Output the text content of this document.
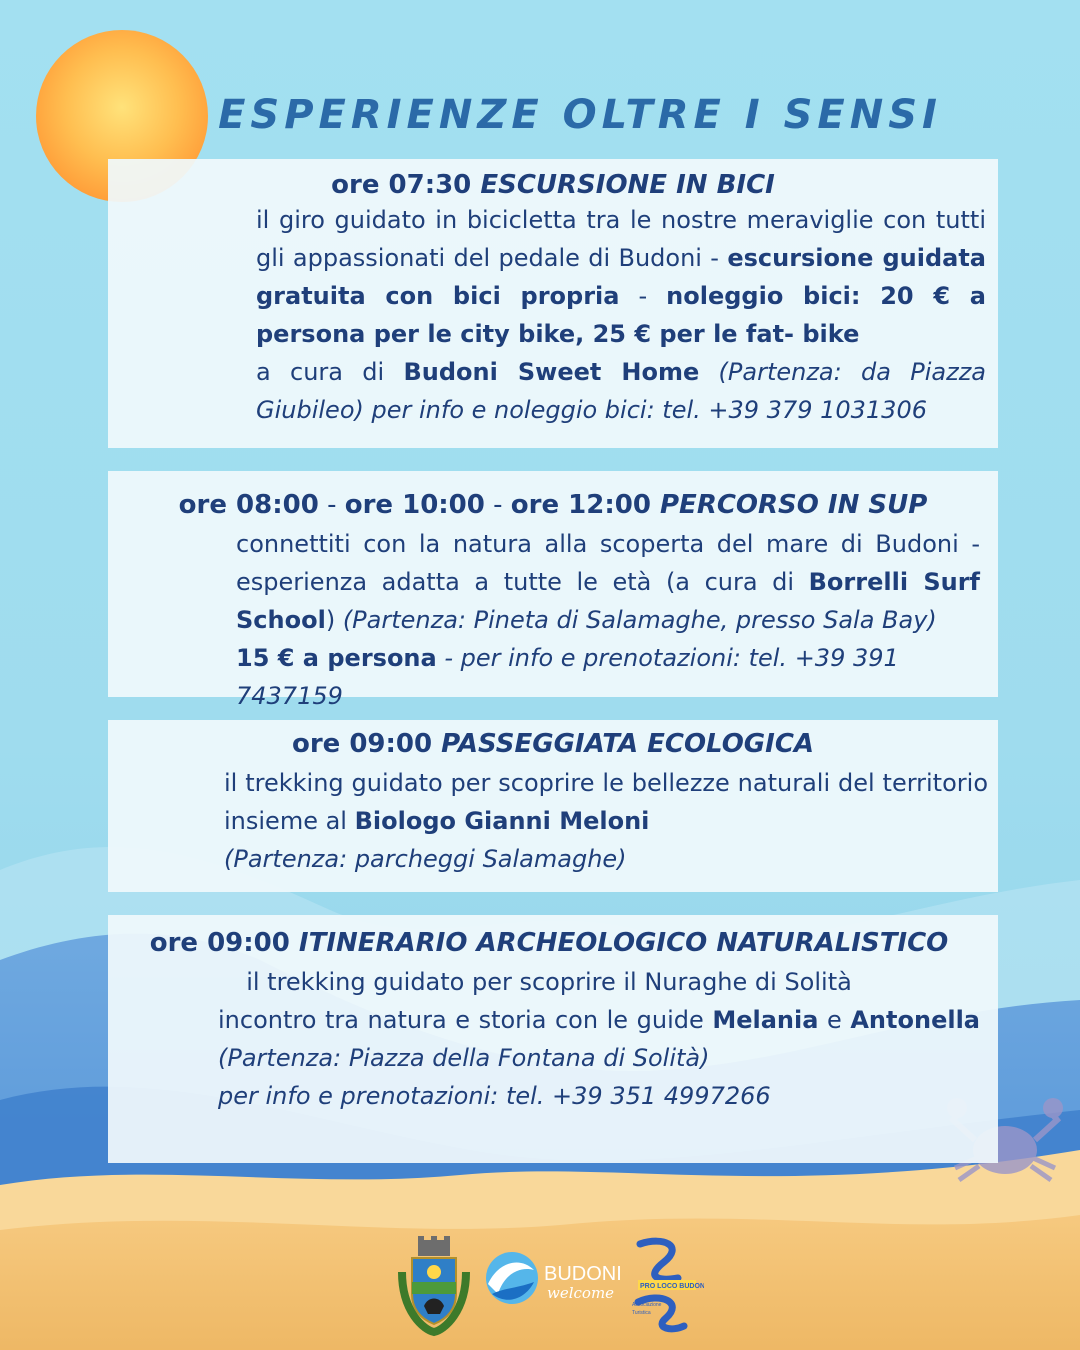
ESPERIENZE OLTRE I SENSI
ore 07:30 ESCURSIONE IN BICI

il giro guidato in bicicletta tra le nostre meraviglie con tutti gli appassionati del pedale di Budoni - escursione guidata gratuita con bici propria - noleggio bici: 20 € a persona per le city bike, 25 € per le fat- bike

a cura di Budoni Sweet Home (Partenza: da Piazza Giubileo) per info e noleggio bici: tel. +39 379 1031306

ore 08:00 - ore 10:00 - ore 12:00 PERCORSO IN SUP

connettiti con la natura alla scoperta del mare di Budoni - esperienza adatta a tutte le età (a cura di Borrelli Surf School) (Partenza: Pineta di Salamaghe, presso Sala Bay)

15 € a persona - per info e prenotazioni: tel. +39 391 7437159

ore 09:00 PASSEGGIATA ECOLOGICA

il trekking guidato per scoprire le bellezze naturali del territorio insieme al Biologo Gianni Meloni

(Partenza: parcheggi Salamaghe)

ore 09:00 ITINERARIO ARCHEOLOGICO NATURALISTICO

il trekking guidato per scoprire il Nuraghe di Solità

incontro tra natura e storia con le guide Melania e Antonella (Partenza: Piazza della Fontana di Solità)

per info e prenotazioni: tel. +39 351 4997266

BUDONI
welcome	PRO LOCO BUDONI
Associazione
Turistica
